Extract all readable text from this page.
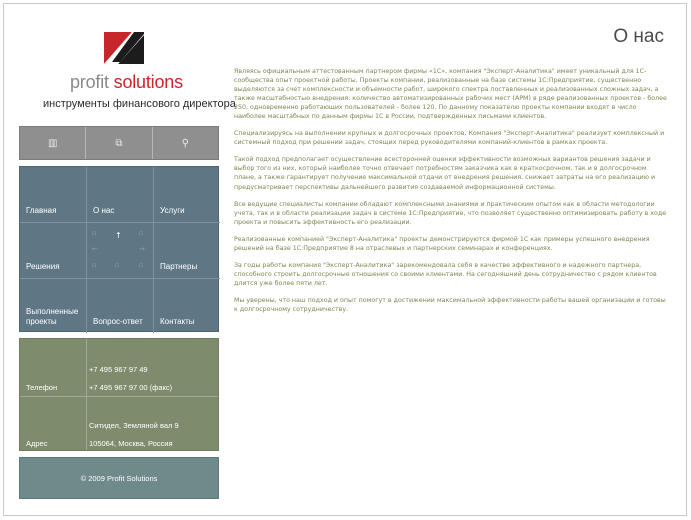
profit solutions
инструменты финансового директора
▥	⧉	⚲
Главная	О нас	Услуги
Решения
▫ ↑ ▫
←	→
▫	▫	▫ Партнеры
Выполненные
проекты	Вопрос-ответ Контакты
Телефон
+7 495 967 97 49
+7 495 967 97 00 (факс)
Адрес
Ситидел, Земляной вал 9
105064, Москва, Россия
© 2009 Profit Solutions
О нас

Являясь официальным аттестованным партнером фирмы «1С», компания "Эксперт-Аналитика" имеет уникальный для 1С-сообщества опыт проектной работы. Проекты компании, реализованные на базе системы 1С:Предприятие, существенно выделяются за счет комплексности и объемности работ, широкого спектра поставленных и реализованных сложных задач, а также масштабностью внедрения: количество автоматизированных рабочих мест (АРМ) в ряде реализованных проектов - более 250, одновременно работающих пользователей - более 120. По данному показателю проекты компании входят в число наиболее масштабных по данным фирмы 1С в России, подтвержденных письмами клиентов.

Специализируясь на выполнении крупных и долгосрочных проектов, Компания "Эксперт-Аналитика" реализует комплексный и системный подход при решении задач, стоящих перед руководителями компаний-клиентов в рамках проекта.

Такой подход предполагает осуществление всесторонней оценки эффективности возможных вариантов решения задачи и выбор того из них, который наиболее точно отвечает потребностям заказчика как в краткосрочном, так и в долгосрочном плане, а также гарантирует получение максимальной отдачи от внедрения решения, снижает затраты на его реализацию и предусматривает перспективы дальнейшего развития создаваемой информационной системы.

Все ведущие специалисты компании обладают комплексными знаниями и практическим опытом как в области методологии учета, так и в области реализации задач в системе 1С:Предприятие, что позволяет существенно оптимизировать работу в ходе проекта и повысить эффективность его реализации.

Реализованные компанией "Эксперт-Аналитика" проекты демонстрируются фирмой 1С как примеры успешного внедрения решений на базе 1С:Предприятие 8 на отраслевых и партнерских семинарах и конференциях.

За годы работы компания "Эксперт-Аналитика" зарекомендовала себя в качестве эффективного и надежного партнера, способного строить долгосрочные отношения со своими клиентами. На сегодняшний день сотрудничество с рядом клиентов длится уже более пяти лет.

Мы уверены, что наш подход и опыт помогут в достижении максимальной эффективности работы вашей организации и готовы к долгосрочному сотрудничеству.
